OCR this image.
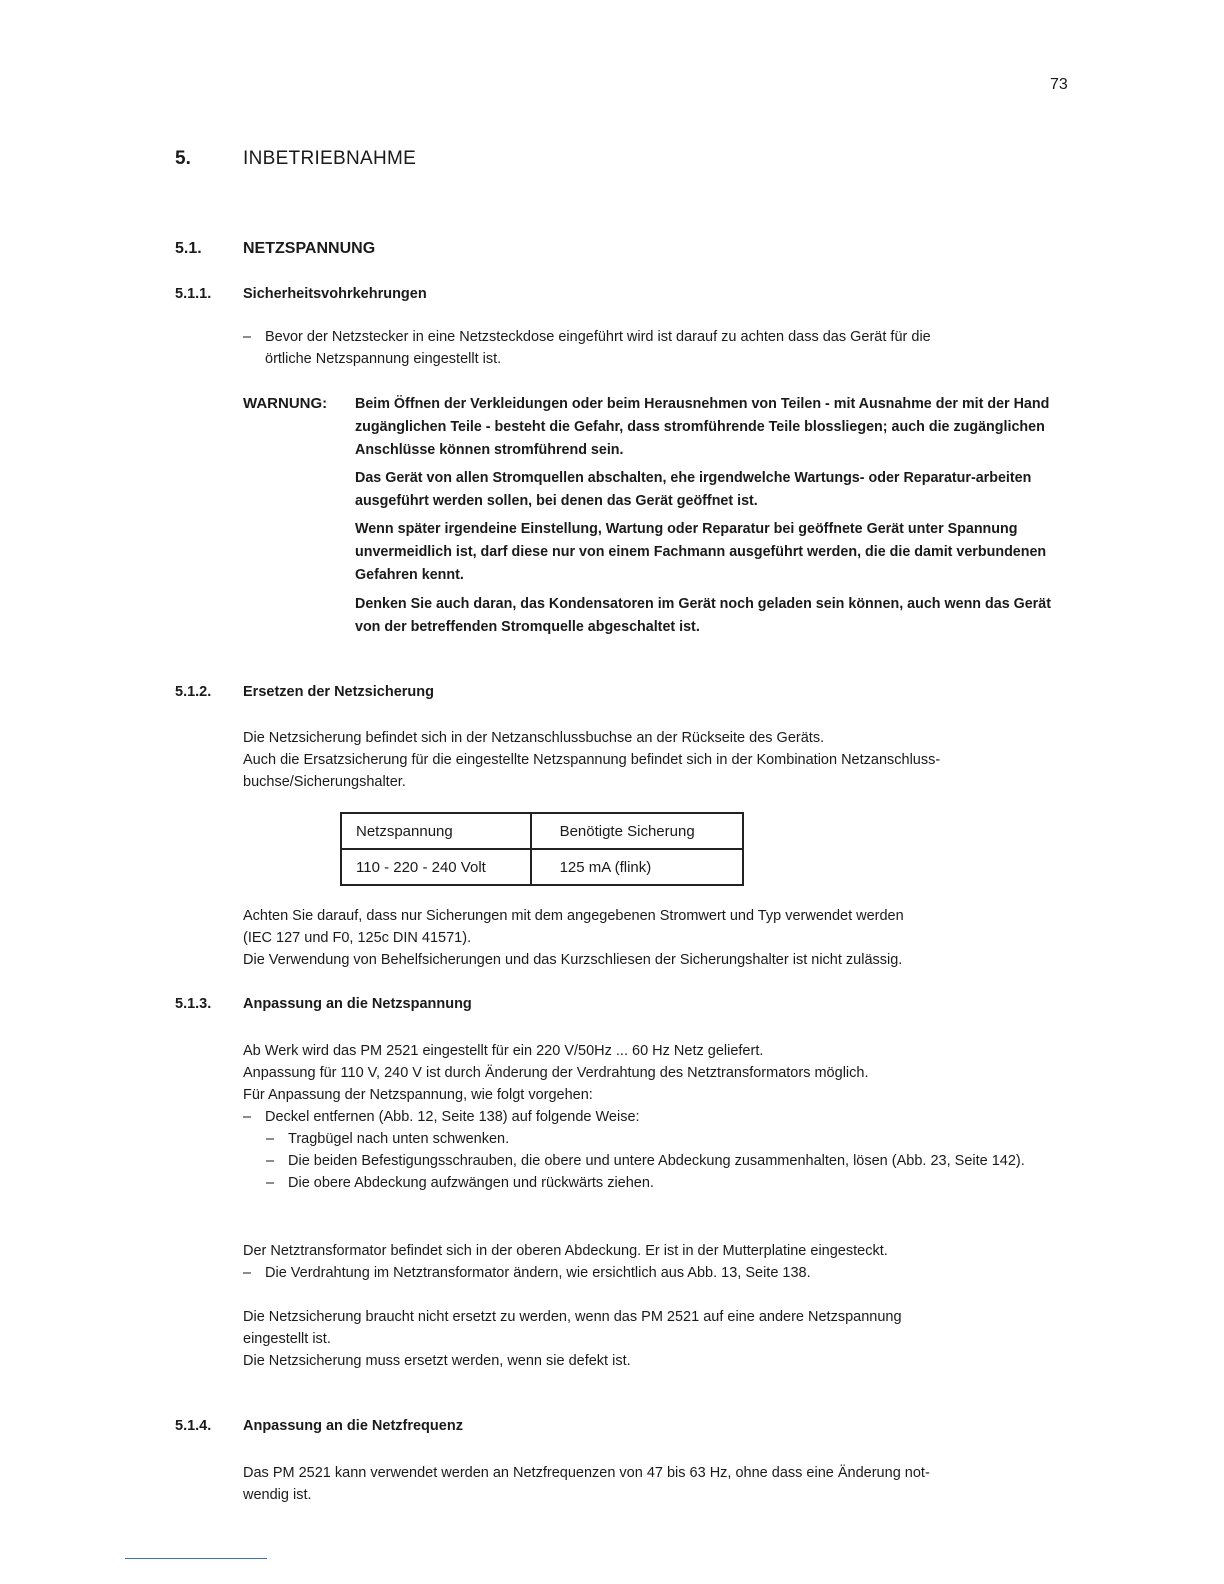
73
5.	INBETRIEBNAHME
5.1.	NETZSPANNUNG
5.1.1. Sicherheitsvohrkehrungen
– Bevor der Netzstecker in eine Netzsteckdose eingeführt wird ist darauf zu achten dass das Gerät für die
örtliche Netzspannung eingestellt ist.
WARNUNG: Beim Öffnen der Verkleidungen oder beim Herausnehmen von Teilen - mit Ausnahme der mit der Hand zugänglichen Teile - besteht die Gefahr, dass stromführende Teile blossliegen; auch die zugänglichen Anschlüsse können stromführend sein.
Das Gerät von allen Stromquellen abschalten, ehe irgendwelche Wartungs- oder Reparatur-arbeiten ausgeführt werden sollen, bei denen das Gerät geöffnet ist.
Wenn später irgendeine Einstellung, Wartung oder Reparatur bei geöffnete Gerät unter Spannung unvermeidlich ist, darf diese nur von einem Fachmann ausgeführt werden, die die damit verbundenen Gefahren kennt.
Denken Sie auch daran, das Kondensatoren im Gerät noch geladen sein können, auch wenn das Gerät von der betreffenden Stromquelle abgeschaltet ist.
5.1.2. Ersetzen der Netzsicherung
Die Netzsicherung befindet sich in der Netzanschlussbuchse an der Rückseite des Geräts.
Auch die Ersatzsicherung für die eingestellte Netzspannung befindet sich in der Kombination Netzanschluss-
buchse/Sicherungshalter.
Netzspannung	Benötigte Sicherung
110 - 220 - 240 Volt	125 mA (flink)
Achten Sie darauf, dass nur Sicherungen mit dem angegebenen Stromwert und Typ verwendet werden
(IEC 127 und F0, 125c DIN 41571).
Die Verwendung von Behelfsicherungen und das Kurzschliesen der Sicherungshalter ist nicht zulässig.
5.1.3. Anpassung an die Netzspannung
Ab Werk wird das PM 2521 eingestellt für ein 220 V/50Hz ... 60 Hz Netz geliefert.
Anpassung für 110 V, 240 V ist durch Änderung der Verdrahtung des Netztransformators möglich.
Für Anpassung der Netzspannung, wie folgt vorgehen:
– Deckel entfernen (Abb. 12, Seite 138) auf folgende Weise:
– Tragbügel nach unten schwenken.
– Die beiden Befestigungsschrauben, die obere und untere Abdeckung zusammenhalten, lösen (Abb. 23, Seite 142).
– Die obere Abdeckung aufzwängen und rückwärts ziehen.
Der Netztransformator befindet sich in der oberen Abdeckung. Er ist in der Mutterplatine eingesteckt.
– Die Verdrahtung im Netztransformator ändern, wie ersichtlich aus Abb. 13, Seite 138.
Die Netzsicherung braucht nicht ersetzt zu werden, wenn das PM 2521 auf eine andere Netzspannung
eingestellt ist.
Die Netzsicherung muss ersetzt werden, wenn sie defekt ist.
5.1.4. Anpassung an die Netzfrequenz
Das PM 2521 kann verwendet werden an Netzfrequenzen von 47 bis 63 Hz, ohne dass eine Änderung not-
wendig ist.
